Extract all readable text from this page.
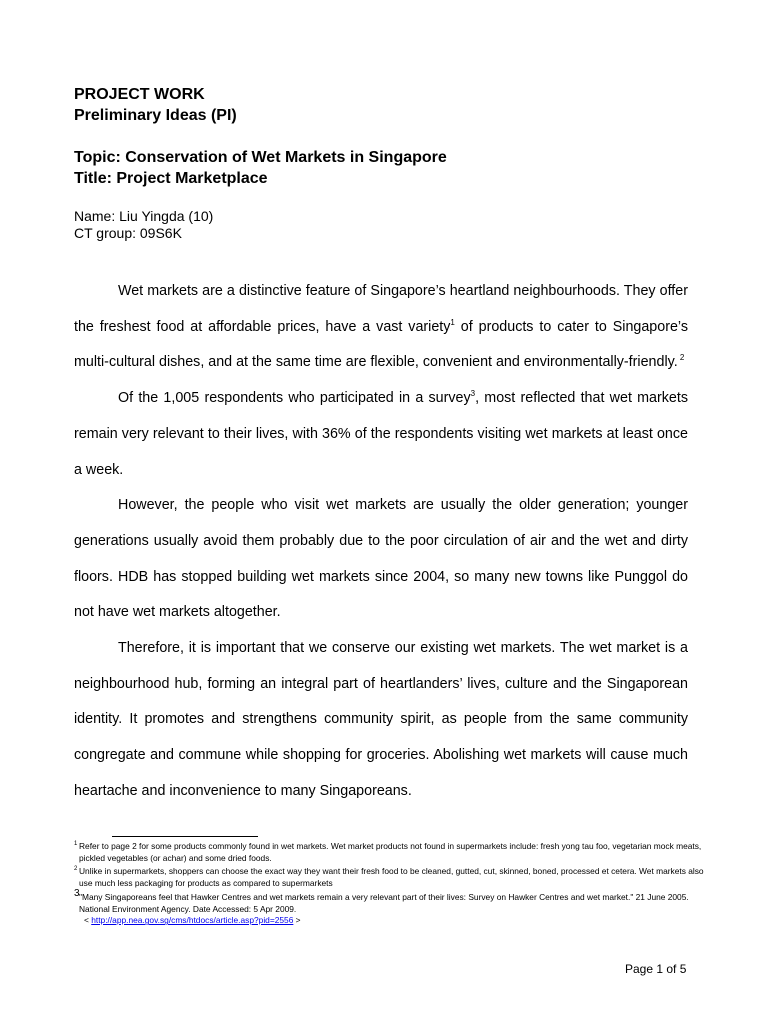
PROJECT WORK
Preliminary Ideas (PI)
Topic: Conservation of Wet Markets in Singapore
Title: Project Marketplace
Name: Liu Yingda (10)
CT group: 09S6K

Wet markets are a distinctive feature of Singapore’s heartland neighbourhoods. They offer the freshest food at affordable prices, have a vast variety$^1$ of products to cater to Singapore’s multi-cultural dishes, and at the same time are flexible, convenient and environmentally-friendly. $^2$

Of the 1,005 respondents who participated in a survey$^3$, most reflected that wet markets remain very relevant to their lives, with 36% of the respondents visiting wet markets at least once a week.

However, the people who visit wet markets are usually the older generation; younger generations usually avoid them probably due to the poor circulation of air and the wet and dirty floors. HDB has stopped building wet markets since 2004, so many new towns like Punggol do not have wet markets altogether.

Therefore, it is important that we conserve our existing wet markets. The wet market is a neighbourhood hub, forming an integral part of heartlanders’ lives, culture and the Singaporean identity. It promotes and strengthens community spirit, as people from the same community congregate and commune while shopping for groceries. Abolishing wet markets will cause much heartache and inconvenience to many Singaporeans.

1 Refer to page 2 for some products commonly found in wet markets. Wet market products not found in supermarkets include: fresh yong tau foo, vegetarian mock meats, pickled vegetables (or achar) and some dried foods.
2 Unlike in supermarkets, shoppers can choose the exact way they want their fresh food to be cleaned, gutted, cut, skinned, boned, processed et cetera. Wet markets also use much less packaging for products as compared to supermarkets
3 "Many Singaporeans feel that Hawker Centres and wet markets remain a very relevant part of their lives: Survey on Hawker Centres and wet market." 21 June 2005. National Environment Agency. Date Accessed: 5 Apr 2009.
< http://app.nea.gov.sg/cms/htdocs/article.asp?pid=2556 >
Page 1 of 5
